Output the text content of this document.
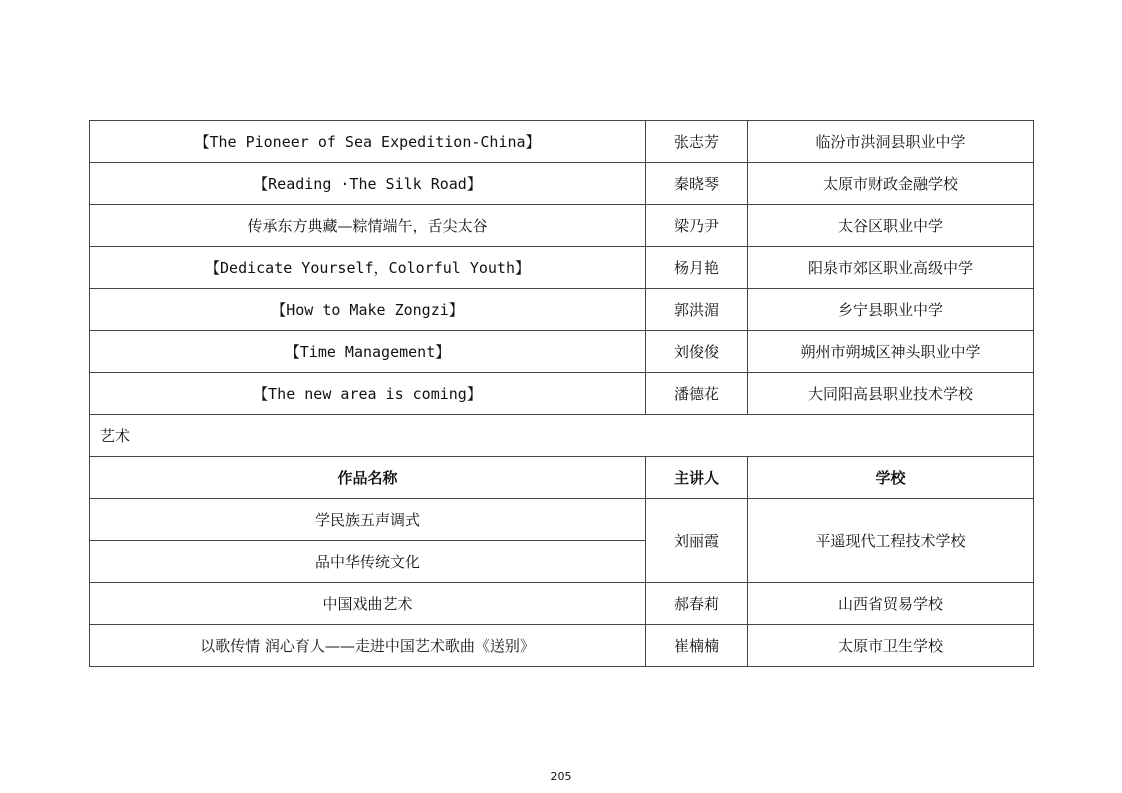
【The Pioneer of Sea Expedition-China】	张志芳	临汾市洪洞县职业中学
【Reading ·The Silk Road】	秦晓琴	太原市财政金融学校
传承东方典藏—粽情端午，舌尖太谷	梁乃尹	太谷区职业中学
【Dedicate Yourself，Colorful Youth】	杨月艳	阳泉市郊区职业高级中学
【How to Make Zongzi】	郭洪湄	乡宁县职业中学
【Time Management】	刘俊俊	朔州市朔城区神头职业中学
【The new area is coming】	潘德花	大同阳高县职业技术学校
艺术		
作品名称	主讲人	学校
学民族五声调式	刘丽霞	平遥现代工程技术学校
品中华传统文化		
中国戏曲艺术	郝春莉	山西省贸易学校
以歌传情 润心育人——走进中国艺术歌曲《送别》	崔楠楠	太原市卫生学校
205
